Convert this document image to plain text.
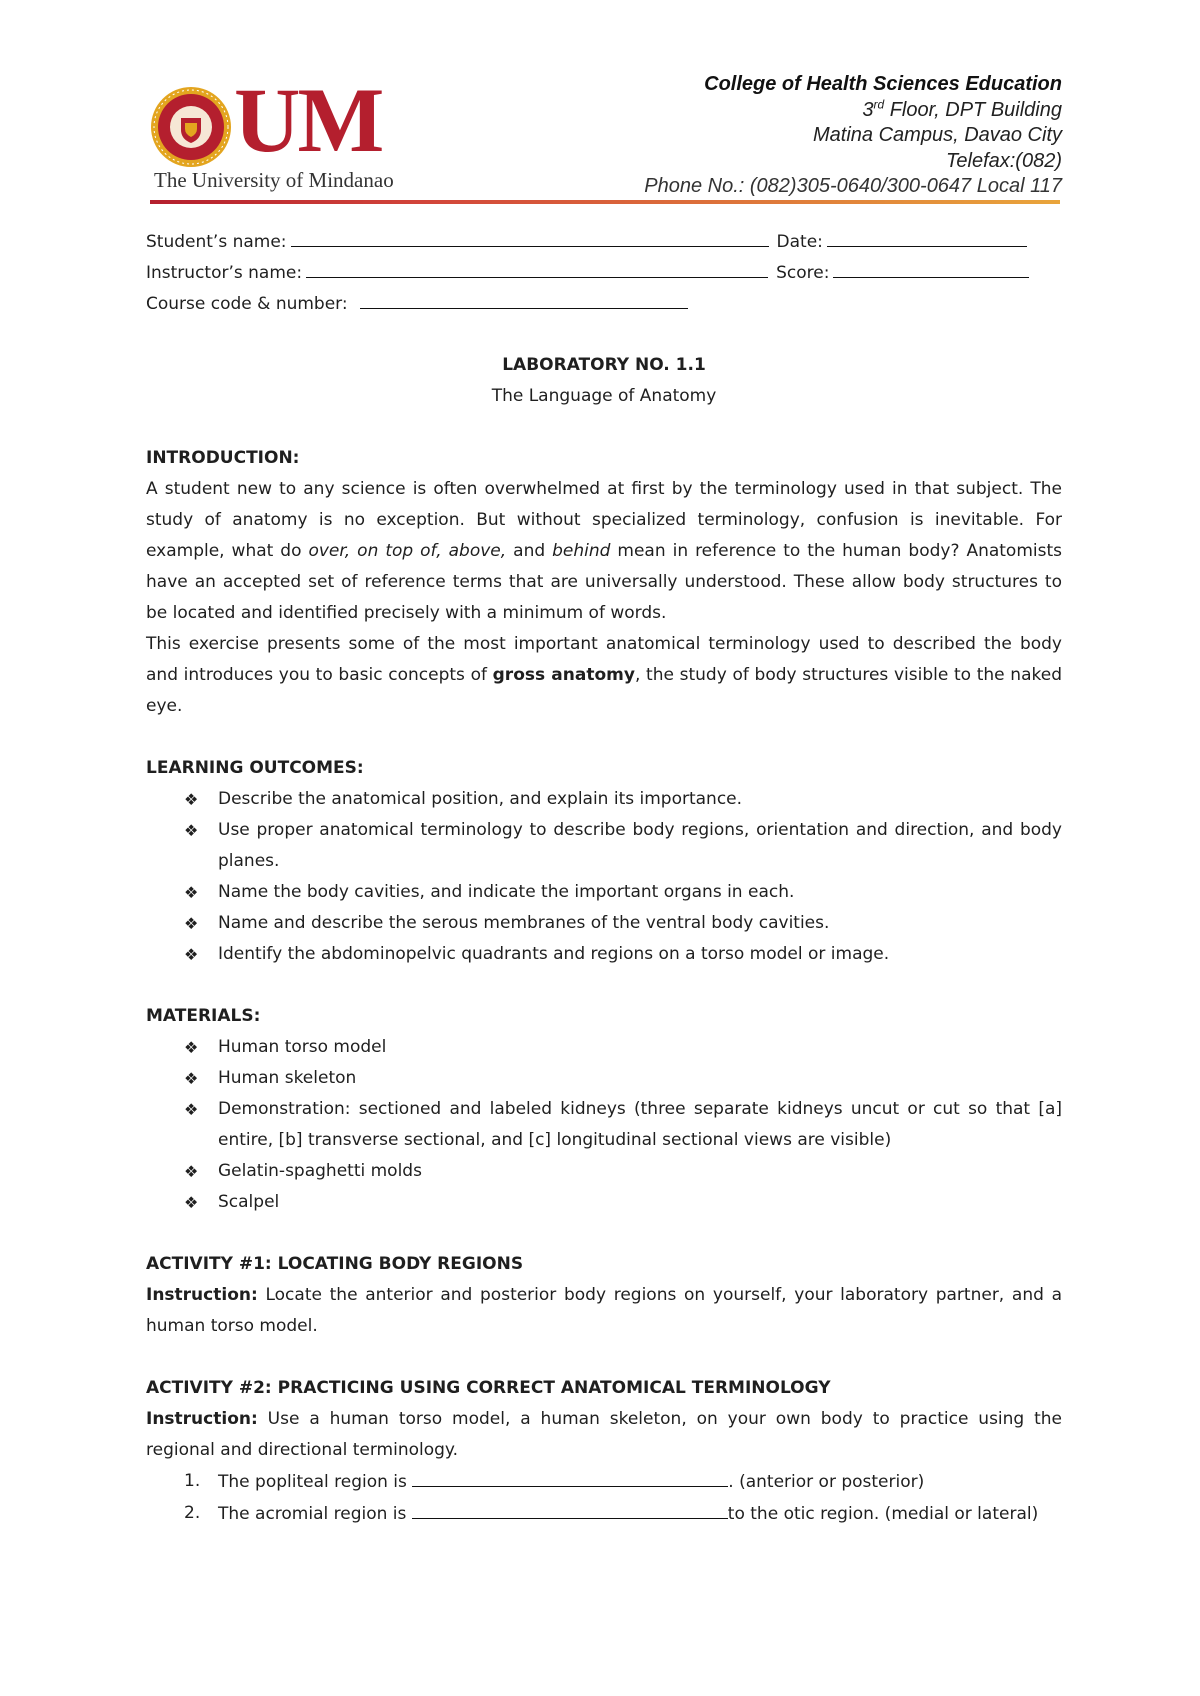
UM
The University of Mindanao
College of Health Sciences Education
3rd Floor, DPT Building
Matina Campus, Davao City
Telefax:(082)
Phone No.: (082)305-0640/300-0647 Local 117
Student’s name:	Date:
Instructor’s name:	Score:
Course code & number:
LABORATORY NO. 1.1
The Language of Anatomy
INTRODUCTION:

A student new to any science is often overwhelmed at first by the terminology used in that subject. The study of anatomy is no exception. But without specialized terminology, confusion is inevitable. For example, what do over, on top of, above, and behind mean in reference to the human body? Anatomists have an accepted set of reference terms that are universally understood. These allow body structures to be located and identified precisely with a minimum of words.

This exercise presents some of the most important anatomical terminology used to described the body and introduces you to basic concepts of gross anatomy, the study of body structures visible to the naked eye.

LEARNING OUTCOMES:
❖ Describe the anatomical position, and explain its importance.
❖ Use proper anatomical terminology to describe body regions, orientation and direction, and body planes.
❖ Name the body cavities, and indicate the important organs in each.
❖ Name and describe the serous membranes of the ventral body cavities.
❖ Identify the abdominopelvic quadrants and regions on a torso model or image.
MATERIALS:
❖ Human torso model
❖ Human skeleton
❖ Demonstration: sectioned and labeled kidneys (three separate kidneys uncut or cut so that [a] entire, [b] transverse sectional, and [c] longitudinal sectional views are visible)
❖ Gelatin-spaghetti molds
❖ Scalpel
ACTIVITY #1: LOCATING BODY REGIONS

Instruction: Locate the anterior and posterior body regions on yourself, your laboratory partner, and a human torso model.

ACTIVITY #2: PRACTICING USING CORRECT ANATOMICAL TERMINOLOGY

Instruction: Use a human torso model, a human skeleton, on your own body to practice using the regional and directional terminology.

1. The popliteal region is	. (anterior or posterior)
2. The acromial region is	to the otic region. (medial or lateral)
